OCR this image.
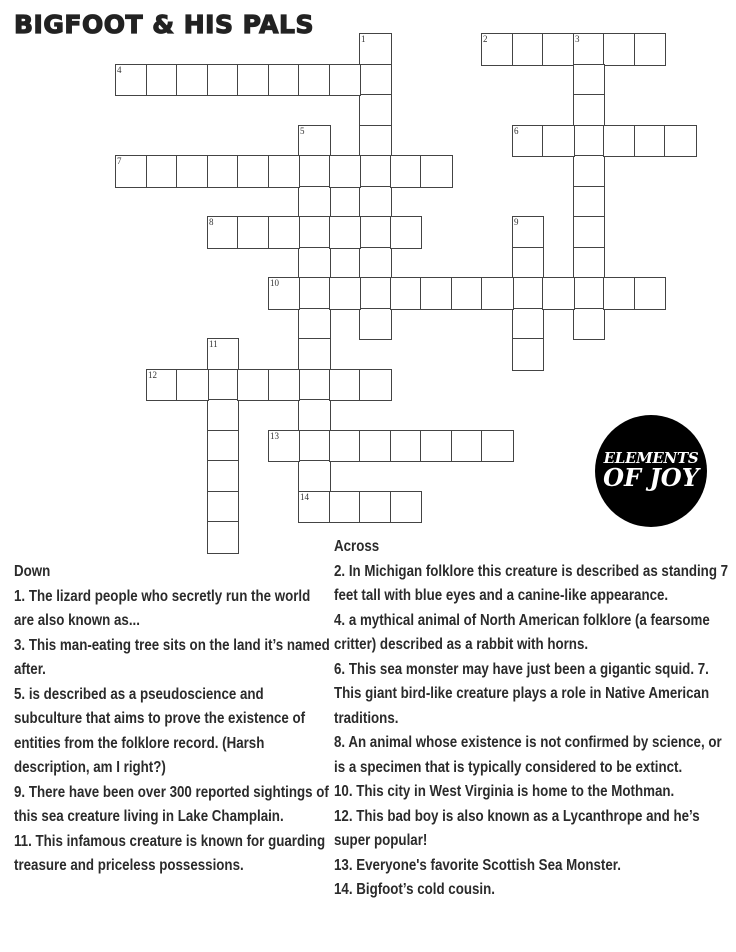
BIGFOOT & HIS PALS	1	2	3
4
5
14
6
7
8	9
10
11
12
13
ELEMENTS
OF JOY

Down

1. The lizard people who secretly run the world are also known as...

3. This man-eating tree sits on the land it’s named after.

5. is described as a pseudoscience and subculture that aims to prove the existence of entities from the folklore record. (Harsh description, am I right?)

9. There have been over 300 reported sightings of this sea creature living in Lake Champlain.

11. This infamous creature is known for guarding treasure and priceless possessions.

Across

2. In Michigan folklore this creature is described as standing 7 feet tall with blue eyes and a canine-like appearance.

4. a mythical animal of North American folklore (a fearsome critter) described as a rabbit with horns.

6. This sea monster may have just been a gigantic squid. 7. This giant bird-like creature plays a role in Native American traditions.

8. An animal whose existence is not confirmed by science, or is a specimen that is typically considered to be extinct.

10. This city in West Virginia is home to the Mothman.

12. This bad boy is also known as a Lycanthrope and he’s super popular!

13. Everyone's favorite Scottish Sea Monster.

14. Bigfoot’s cold cousin.
